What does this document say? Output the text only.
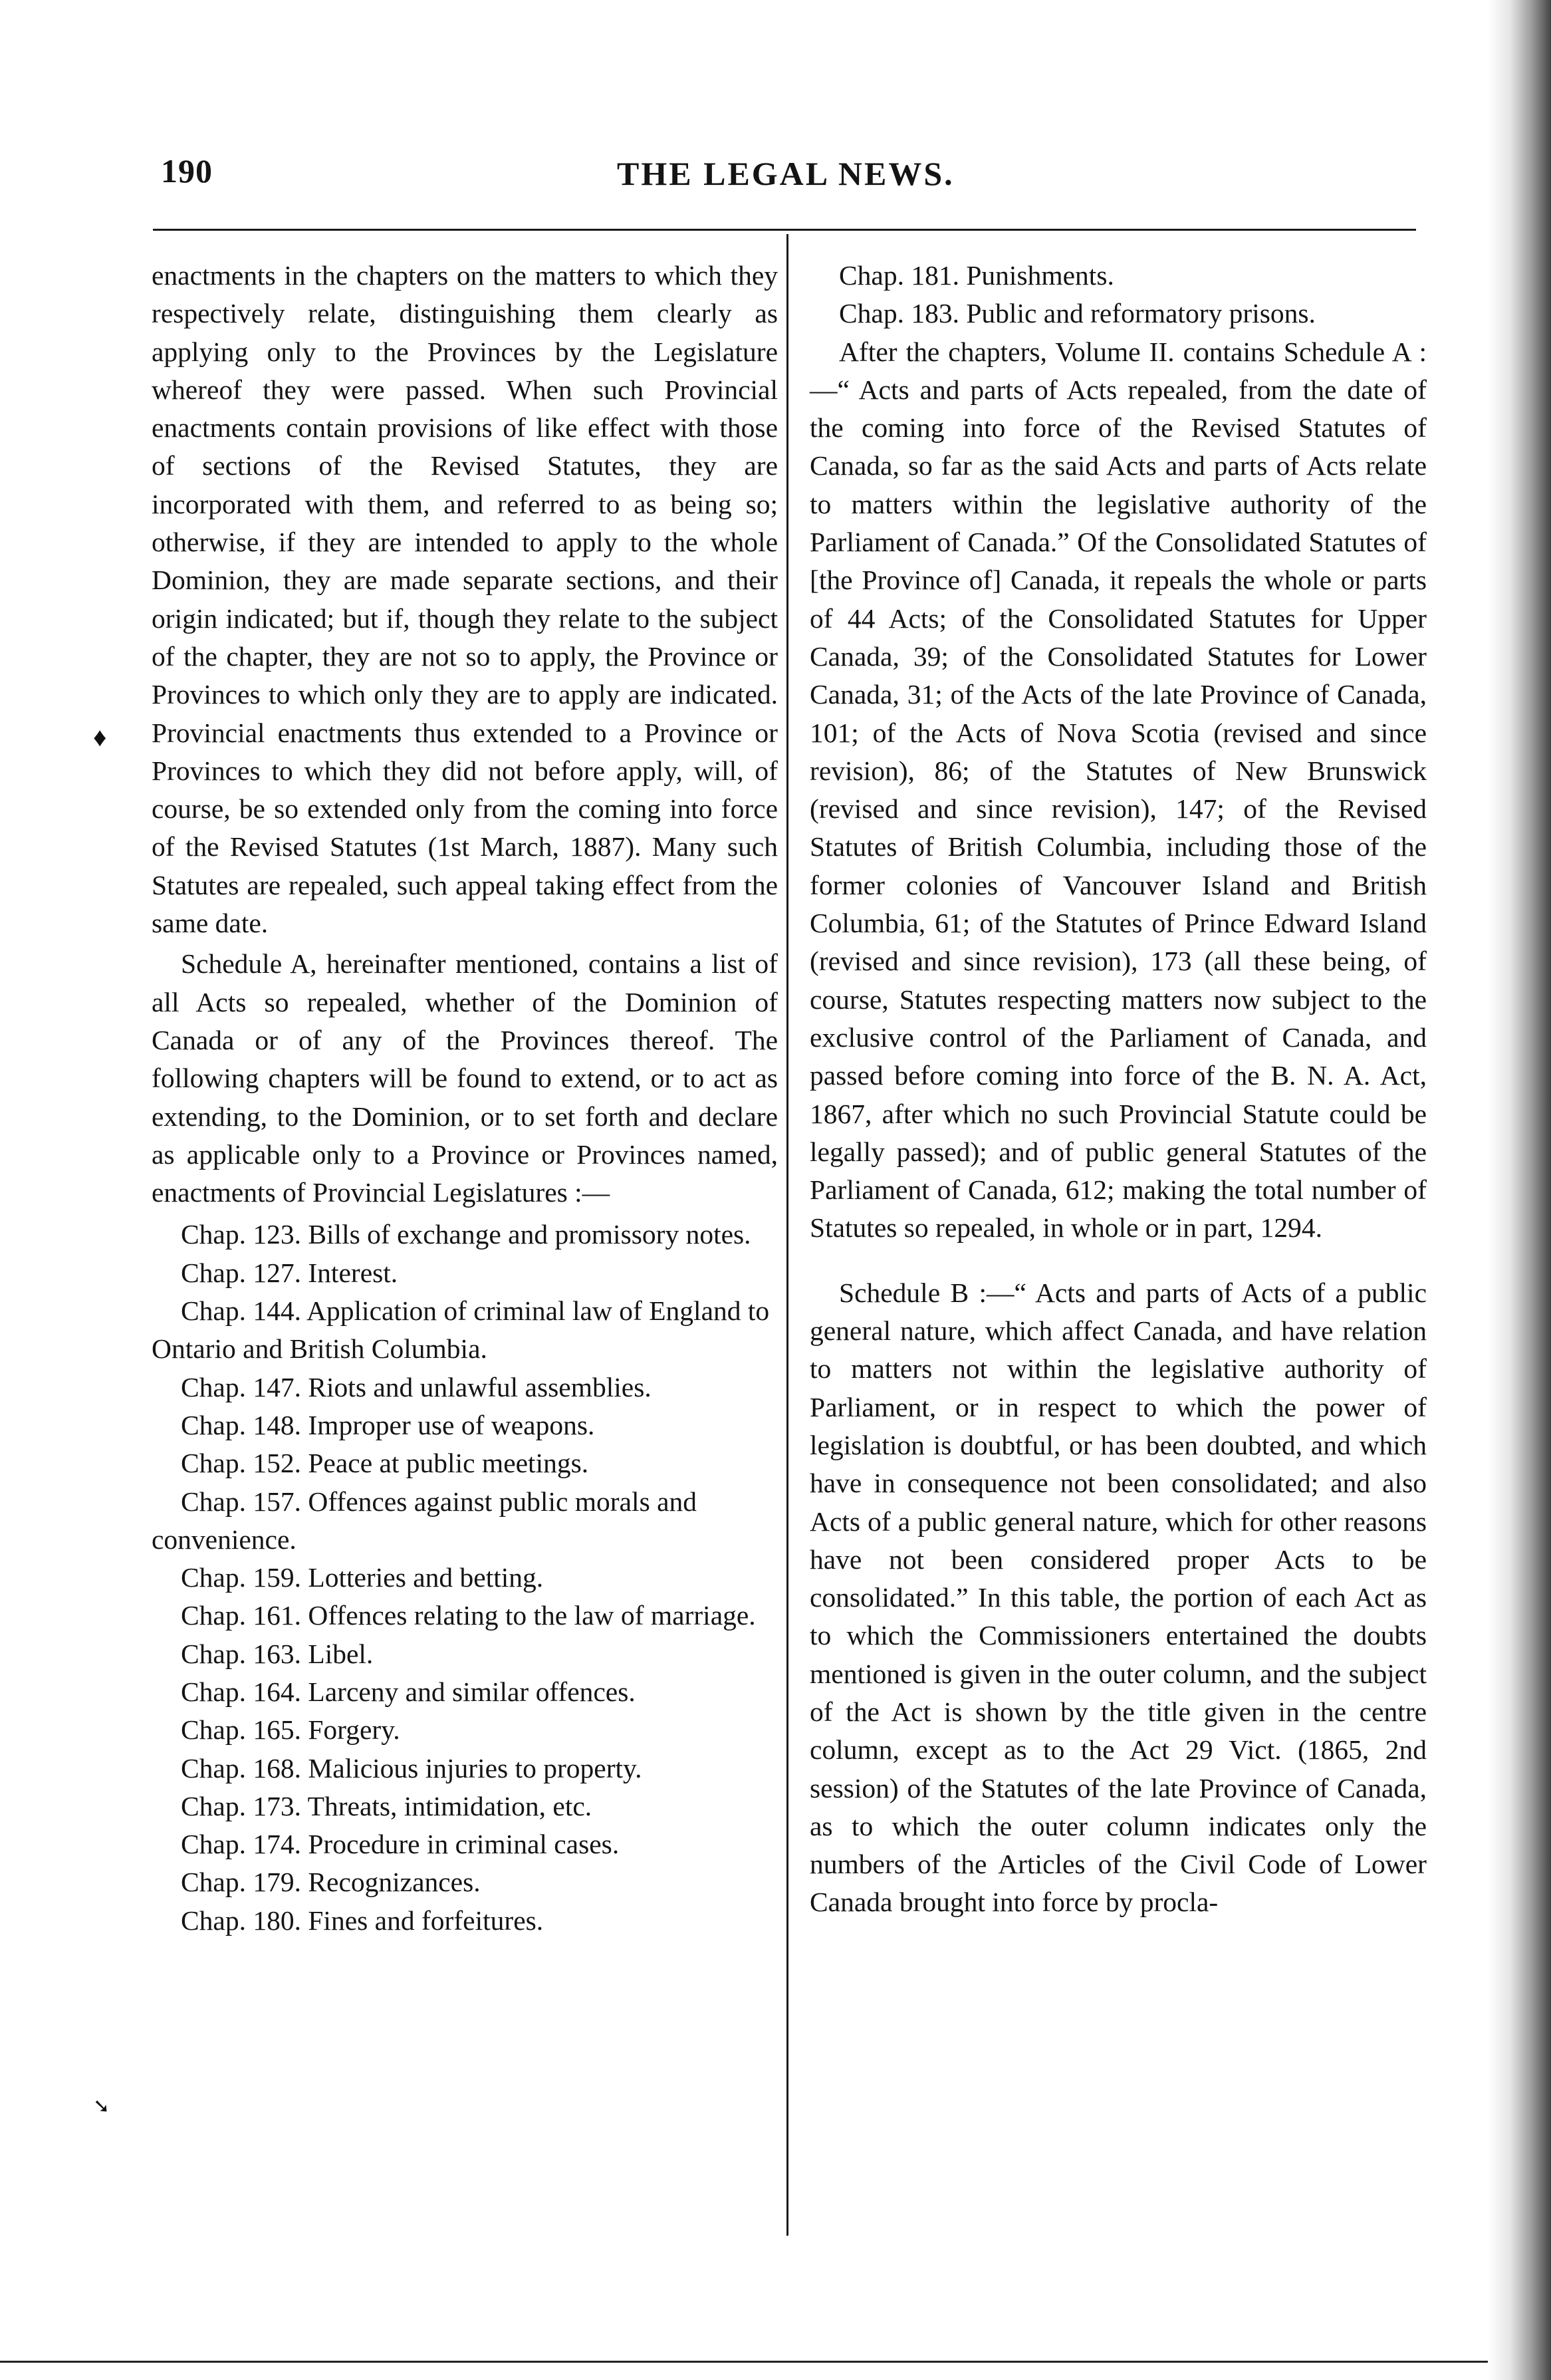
190	THE LEGAL NEWS.
♦
➘

enactments in the chapters on the matters to which they respectively relate, distinguishing them clearly as applying only to the Provinces by the Legislature whereof they were passed. When such Provincial enactments contain provisions of like effect with those of sections of the Revised Statutes, they are incorporated with them, and referred to as being so; otherwise, if they are intended to apply to the whole Dominion, they are made separate sections, and their origin indicated; but if, though they relate to the subject of the chapter, they are not so to apply, the Province or Provinces to which only they are to apply are indicated. Provincial enactments thus extended to a Province or Provinces to which they did not before apply, will, of course, be so extended only from the coming into force of the Revised Statutes (1st March, 1887). Many such Statutes are repealed, such appeal taking effect from the same date.

Schedule A, hereinafter mentioned, contains a list of all Acts so repealed, whether of the Dominion of Canada or of any of the Provinces thereof. The following chapters will be found to extend, or to act as extending, to the Dominion, or to set forth and declare as applicable only to a Province or Provinces named, enactments of Provincial Legislatures :—

Chap. 123. Bills of exchange and promissory notes.

Chap. 127. Interest.

Chap. 144. Application of criminal law of England to Ontario and British Columbia.

Chap. 147. Riots and unlawful assemblies.

Chap. 148. Improper use of weapons.

Chap. 152. Peace at public meetings.

Chap. 157. Offences against public morals and convenience.

Chap. 159. Lotteries and betting.

Chap. 161. Offences relating to the law of marriage.

Chap. 163. Libel.

Chap. 164. Larceny and similar offences.

Chap. 165. Forgery.

Chap. 168. Malicious injuries to property.

Chap. 173. Threats, intimidation, etc.

Chap. 174. Procedure in criminal cases.

Chap. 179. Recognizances.

Chap. 180. Fines and forfeitures.

Chap. 181. Punishments.

Chap. 183. Public and reformatory prisons.

After the chapters, Volume II. contains Schedule A :—“ Acts and parts of Acts repealed, from the date of the coming into force of the Revised Statutes of Canada, so far as the said Acts and parts of Acts relate to matters within the legislative authority of the Parliament of Canada.” Of the Consolidated Statutes of [the Province of] Canada, it repeals the whole or parts of 44 Acts; of the Consolidated Statutes for Upper Canada, 39; of the Consolidated Statutes for Lower Canada, 31; of the Acts of the late Province of Canada, 101; of the Acts of Nova Scotia (revised and since revision), 86; of the Statutes of New Brunswick (revised and since revision), 147; of the Revised Statutes of British Columbia, including those of the former colonies of Vancouver Island and British Columbia, 61; of the Statutes of Prince Edward Island (revised and since revision), 173 (all these being, of course, Statutes respecting matters now subject to the exclusive control of the Parliament of Canada, and passed before coming into force of the B. N. A. Act, 1867, after which no such Provincial Statute could be legally passed); and of public general Statutes of the Parliament of Canada, 612; making the total number of Statutes so repealed, in whole or in part, 1294.

Schedule B :—“ Acts and parts of Acts of a public general nature, which affect Canada, and have relation to matters not within the legislative authority of Parliament, or in respect to which the power of legislation is doubtful, or has been doubted, and which have in consequence not been consolidated; and also Acts of a public general nature, which for other reasons have not been considered proper Acts to be consolidated.” In this table, the portion of each Act as to which the Commissioners entertained the doubts mentioned is given in the outer column, and the subject of the Act is shown by the title given in the centre column, except as to the Act 29 Vict. (1865, 2nd session) of the Statutes of the late Province of Canada, as to which the outer column indicates only the numbers of the Articles of the Civil Code of Lower Canada brought into force by procla-
